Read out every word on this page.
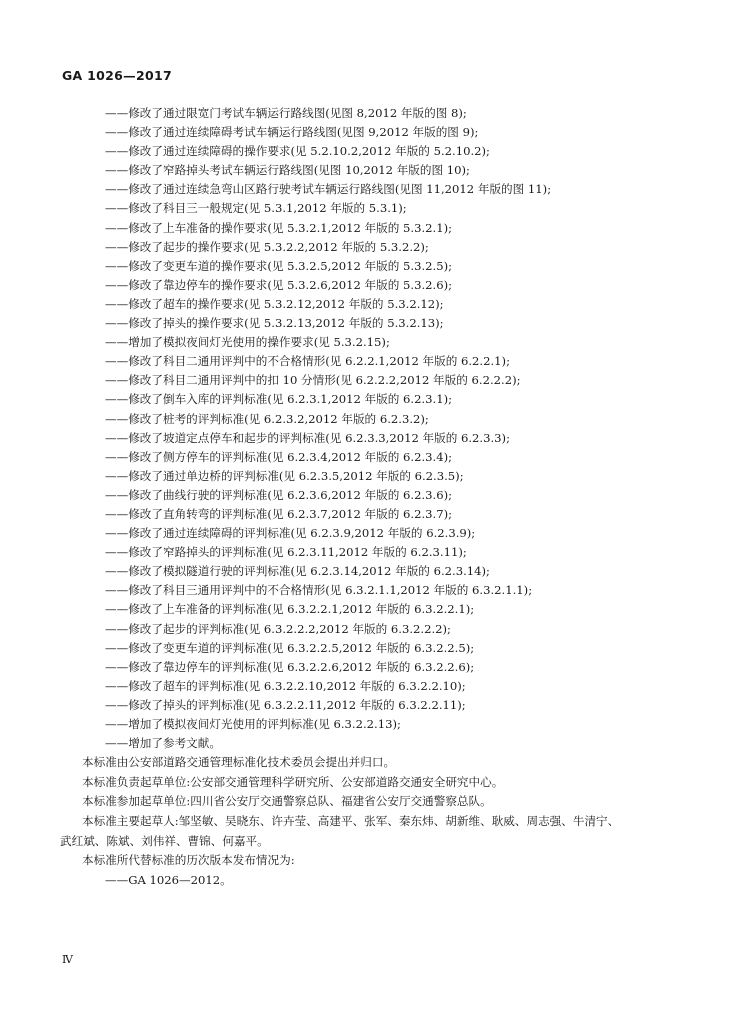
GA 1026—2017
——修改了通过限宽门考试车辆运行路线图(见图 8,2012 年版的图 8);
——修改了通过连续障碍考试车辆运行路线图(见图 9,2012 年版的图 9);
——修改了通过连续障碍的操作要求(见 5.2.10.2,2012 年版的 5.2.10.2);
——修改了窄路掉头考试车辆运行路线图(见图 10,2012 年版的图 10);
——修改了通过连续急弯山区路行驶考试车辆运行路线图(见图 11,2012 年版的图 11);
——修改了科目三一般规定(见 5.3.1,2012 年版的 5.3.1);
——修改了上车准备的操作要求(见 5.3.2.1,2012 年版的 5.3.2.1);
——修改了起步的操作要求(见 5.3.2.2,2012 年版的 5.3.2.2);
——修改了变更车道的操作要求(见 5.3.2.5,2012 年版的 5.3.2.5);
——修改了靠边停车的操作要求(见 5.3.2.6,2012 年版的 5.3.2.6);
——修改了超车的操作要求(见 5.3.2.12,2012 年版的 5.3.2.12);
——修改了掉头的操作要求(见 5.3.2.13,2012 年版的 5.3.2.13);
——增加了模拟夜间灯光使用的操作要求(见 5.3.2.15);
——修改了科目二通用评判中的不合格情形(见 6.2.2.1,2012 年版的 6.2.2.1);
——修改了科目二通用评判中的扣 10 分情形(见 6.2.2.2,2012 年版的 6.2.2.2);
——修改了倒车入库的评判标准(见 6.2.3.1,2012 年版的 6.2.3.1);
——修改了桩考的评判标准(见 6.2.3.2,2012 年版的 6.2.3.2);
——修改了坡道定点停车和起步的评判标准(见 6.2.3.3,2012 年版的 6.2.3.3);
——修改了侧方停车的评判标准(见 6.2.3.4,2012 年版的 6.2.3.4);
——修改了通过单边桥的评判标准(见 6.2.3.5,2012 年版的 6.2.3.5);
——修改了曲线行驶的评判标准(见 6.2.3.6,2012 年版的 6.2.3.6);
——修改了直角转弯的评判标准(见 6.2.3.7,2012 年版的 6.2.3.7);
——修改了通过连续障碍的评判标准(见 6.2.3.9,2012 年版的 6.2.3.9);
——修改了窄路掉头的评判标准(见 6.2.3.11,2012 年版的 6.2.3.11);
——修改了模拟隧道行驶的评判标准(见 6.2.3.14,2012 年版的 6.2.3.14);
——修改了科目三通用评判中的不合格情形(见 6.3.2.1.1,2012 年版的 6.3.2.1.1);
——修改了上车准备的评判标准(见 6.3.2.2.1,2012 年版的 6.3.2.2.1);
——修改了起步的评判标准(见 6.3.2.2.2,2012 年版的 6.3.2.2.2);
——修改了变更车道的评判标准(见 6.3.2.2.5,2012 年版的 6.3.2.2.5);
——修改了靠边停车的评判标准(见 6.3.2.2.6,2012 年版的 6.3.2.2.6);
——修改了超车的评判标准(见 6.3.2.2.10,2012 年版的 6.3.2.2.10);
——修改了掉头的评判标准(见 6.3.2.2.11,2012 年版的 6.3.2.2.11);
——增加了模拟夜间灯光使用的评判标准(见 6.3.2.2.13);
——增加了参考文献。
本标准由公安部道路交通管理标准化技术委员会提出并归口。
本标准负责起草单位:公安部交通管理科学研究所、公安部道路交通安全研究中心。
本标准参加起草单位:四川省公安厅交通警察总队、福建省公安厅交通警察总队。
本标准主要起草人:邹坚敏、吴晓东、许卉莹、高建平、张军、秦东炜、胡新维、耿威、周志强、牛清宁、
武红斌、陈斌、刘伟祥、曹锦、何嘉平。
本标准所代替标准的历次版本发布情况为:
——GA 1026—2012。
Ⅳ
